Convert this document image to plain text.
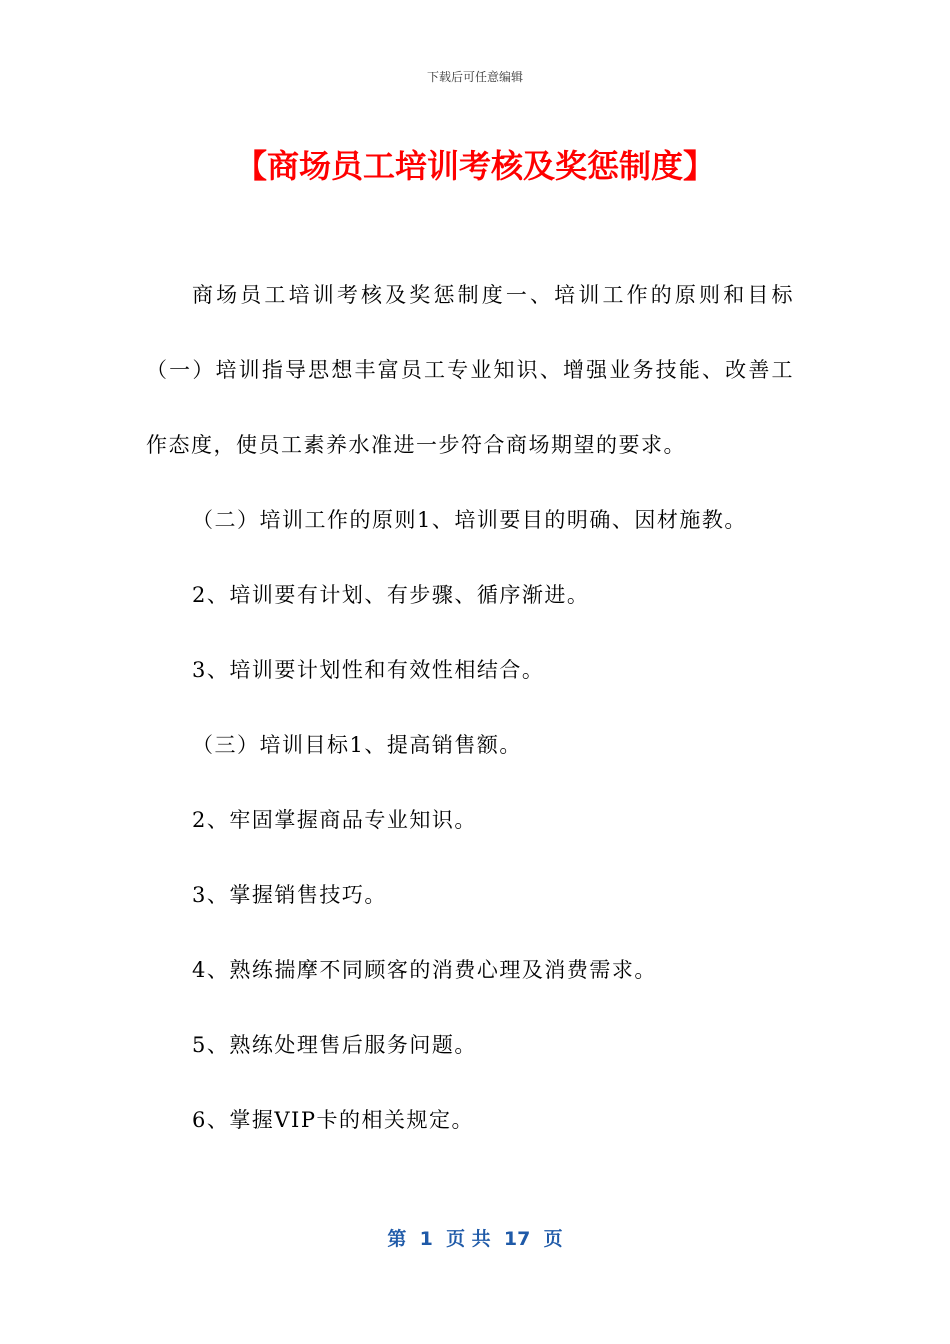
下载后可任意编辑
【商场员工培训考核及奖惩制度】

商场员工培训考核及奖惩制度一、培训工作的原则和目标（一）培训指导思想丰富员工专业知识、增强业务技能、改善工作态度，使员工素养水准进一步符合商场期望的要求。

（二）培训工作的原则1、培训要目的明确、因材施教。

2、培训要有计划、有步骤、循序渐进。

3、培训要计划性和有效性相结合。

（三）培训目标1、提高销售额。

2、牢固掌握商品专业知识。

3、掌握销售技巧。

4、熟练揣摩不同顾客的消费心理及消费需求。

5、熟练处理售后服务问题。

6、掌握VIP卡的相关规定。

第  1  页 共  17  页
